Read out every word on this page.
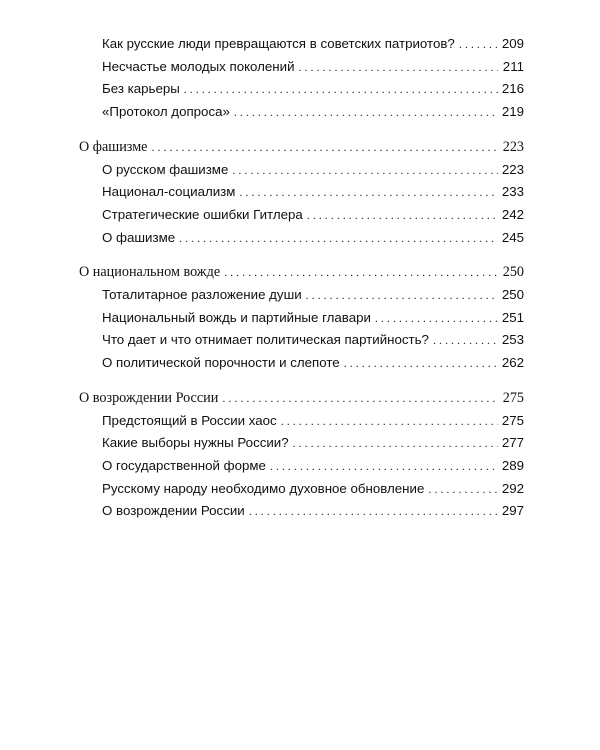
Как русские люди превращаются в советских патриотов? . . .	209
Несчастье молодых поколений . . .	211
Без карьеры . . .	216
«Протокол допроса» . . .	219
О фашизме . . .	223
О русском фашизме . . .	223
Национал-социализм . . .	233
Стратегические ошибки Гитлера . . .	242
О фашизме . . .	245
О национальном вожде . . .	250
Тоталитарное разложение души . . .	250
Национальный вождь и партийные главари . . .	251
Что дает и что отнимает политическая партийность? . . .	253
О политической порочности и слепоте . . .	262
О возрождении России . . .	275
Предстоящий в России хаос . . .	275
Какие выборы нужны России? . . .	277
О государственной форме . . .	289
Русскому народу необходимо духовное обновление . . .	292
О возрождении России . . .	297
